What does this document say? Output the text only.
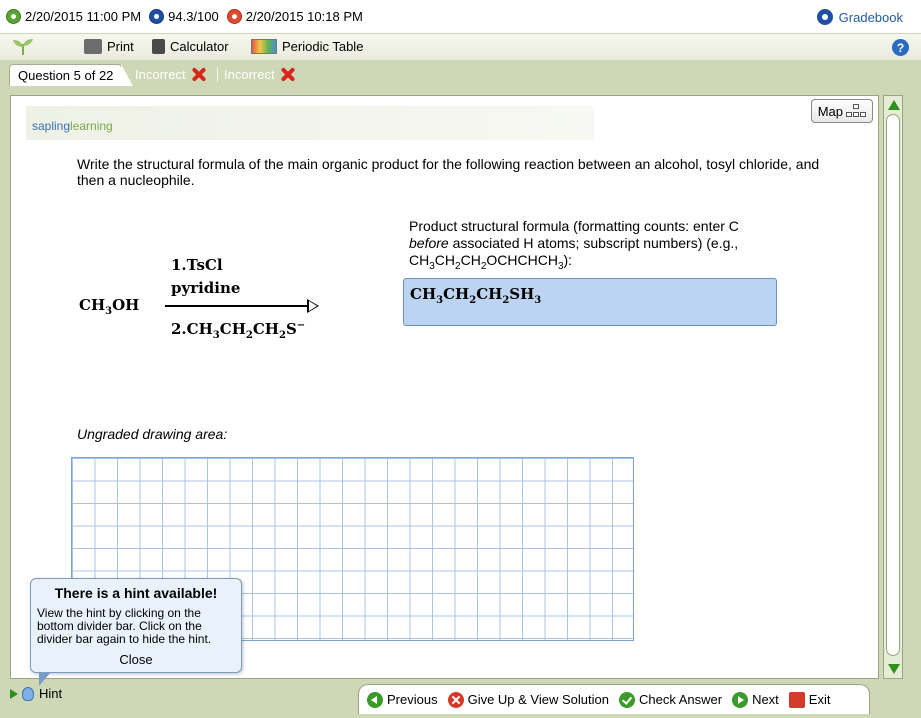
2/20/2015 11:00 PM 94.3/100 2/20/2015 10:18 PM	Gradebook
Print	Calculator	Periodic Table	?
Question 5 of 22	Incorrect	Incorrect
saplinglearning
Map
Write the structural formula of the main organic product for the following reaction between an alcohol, tosyl chloride, and then a nucleophile.
$CH_3OH$
1.TsCl
pyridine
$2.CH_3CH_2CH_2S^-$
Product structural formula (formatting counts: enter C before associated H atoms; subscript numbers) (e.g., $CH_3CH_2CH_2OCHCHCH_3$):
$CH_3CH_2CH_2SH_3$
Ungraded drawing area:
There is a hint available!
View the hint by clicking on the bottom divider bar. Click on the divider bar again to hide the hint.
Close
Hint	Previous Give Up & View Solution Check Answer Next Exit
